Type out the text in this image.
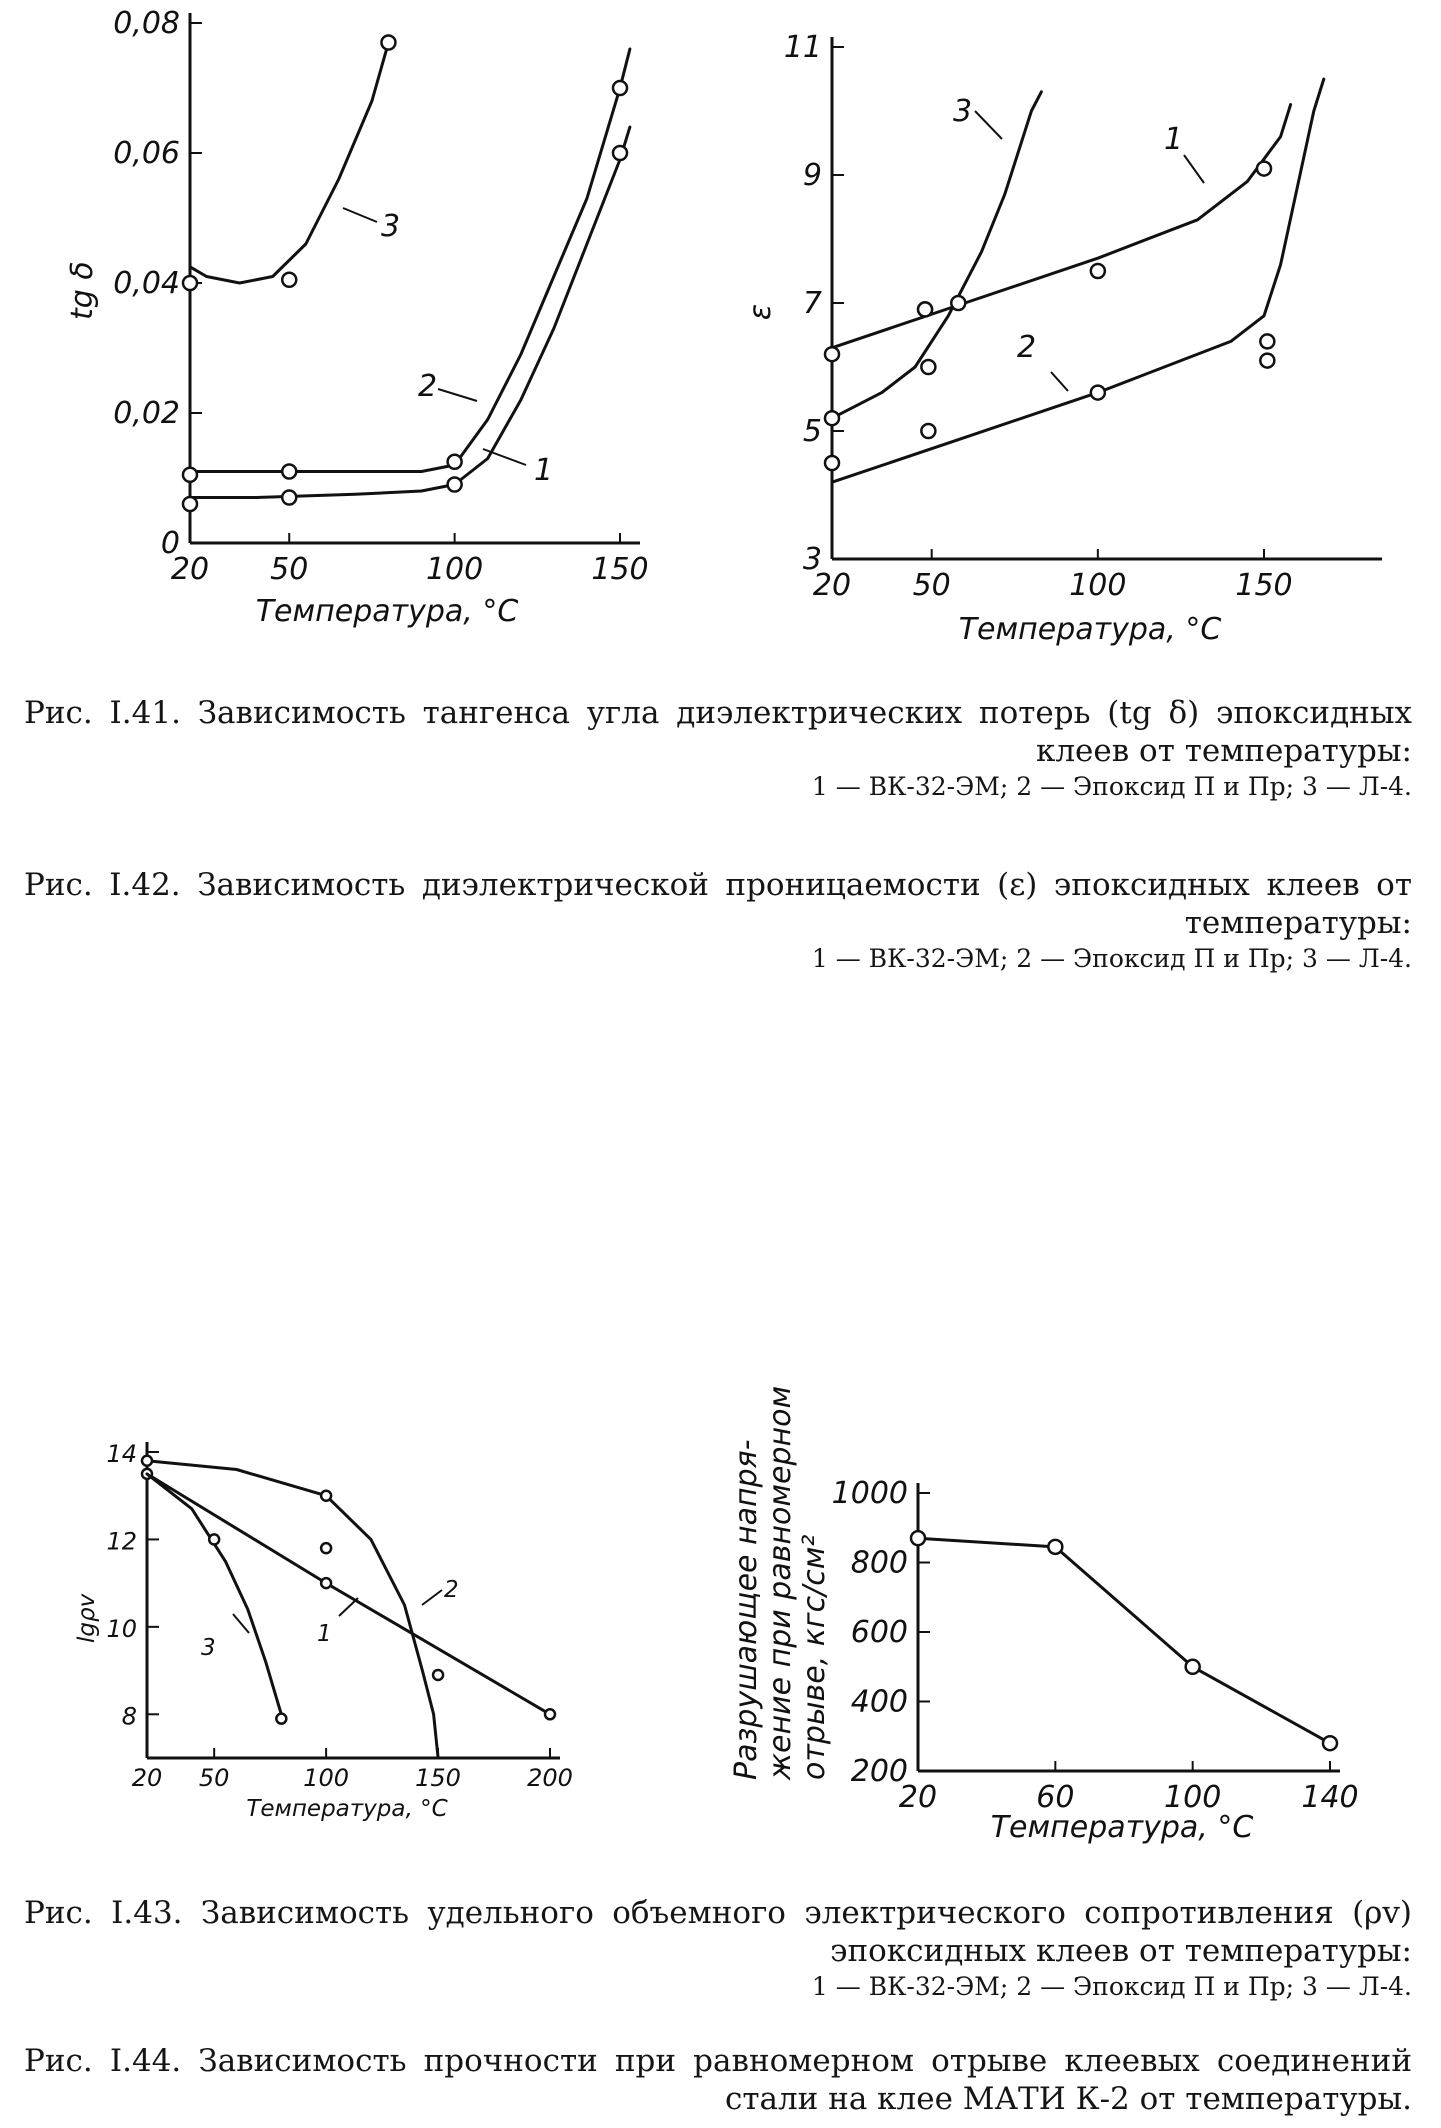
20 50	100	150
0
0,02
0,04
0,06
0,08
20 50	100	150
3
5
7
9
11
20 50	100	150	200
8
10
12
14
20	60	100	140
200
400
600
800
1000
3
2
1
3
1
2
3
1
2
tg δ
Температура, °С
ε
Температура, °С
lgρv
Температура, °С
Разрушающее напря-жение при равномерномотрыве, кгс/см²
Температура, °С
Рис. I.41. Зависимость тангенса угла диэлектрических потерь (tg δ) эпоксидных
клеев от температуры:
1 — ВК-32-ЭМ; 2 — Эпоксид П и Пр; 3 — Л-4.
Рис. I.42. Зависимость диэлектрической проницаемости (ε) эпоксидных клеев от
температуры:
1 — ВК-32-ЭМ; 2 — Эпоксид П и Пр; 3 — Л-4.
Рис. I.43. Зависимость удельного объемного электрического сопротивления (ρv)
эпоксидных клеев от температуры:
1 — ВК-32-ЭМ; 2 — Эпоксид П и Пр; 3 — Л-4.
Рис. I.44. Зависимость прочности при равномерном отрыве клеевых соединений
стали на клее МАТИ К-2 от температуры.
